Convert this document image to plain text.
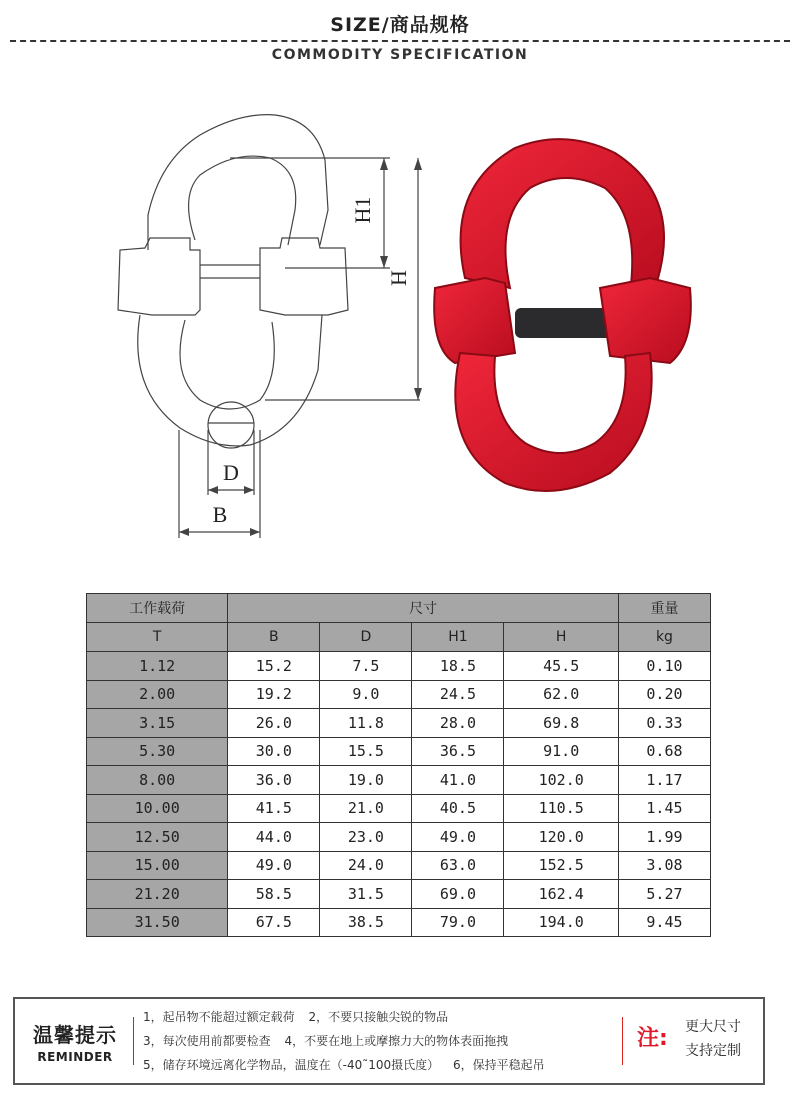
SIZE/商品规格
COMMODITY SPECIFICATION
H1
H
D
B
工作载荷	尺寸				重量
T	B	D	H1	H	kg
1.12	15.2	7.5	18.5	45.5	0.10
2.00	19.2	9.0	24.5	62.0	0.20
3.15	26.0	11.8	28.0	69.8	0.33
5.30	30.0	15.5	36.5	91.0	0.68
8.00	36.0	19.0	41.0	102.0	1.17
10.00	41.5	21.0	40.5	110.5	1.45
12.50	44.0	23.0	49.0	120.0	1.99
15.00	49.0	24.0	63.0	152.5	3.08
21.20	58.5	31.5	69.0	162.4	5.27
31.50	67.5	38.5	79.0	194.0	9.45
温馨提示
REMINDER
1，起吊物不能超过额定载荷 2，不要只接触尖锐的物品
3，每次使用前都要检查 4，不要在地上或摩擦力大的物体表面拖拽
5，储存环境远离化学物品，温度在（-40˜100摄氏度） 6，保持平稳起吊
注: 更大尺寸
支持定制
